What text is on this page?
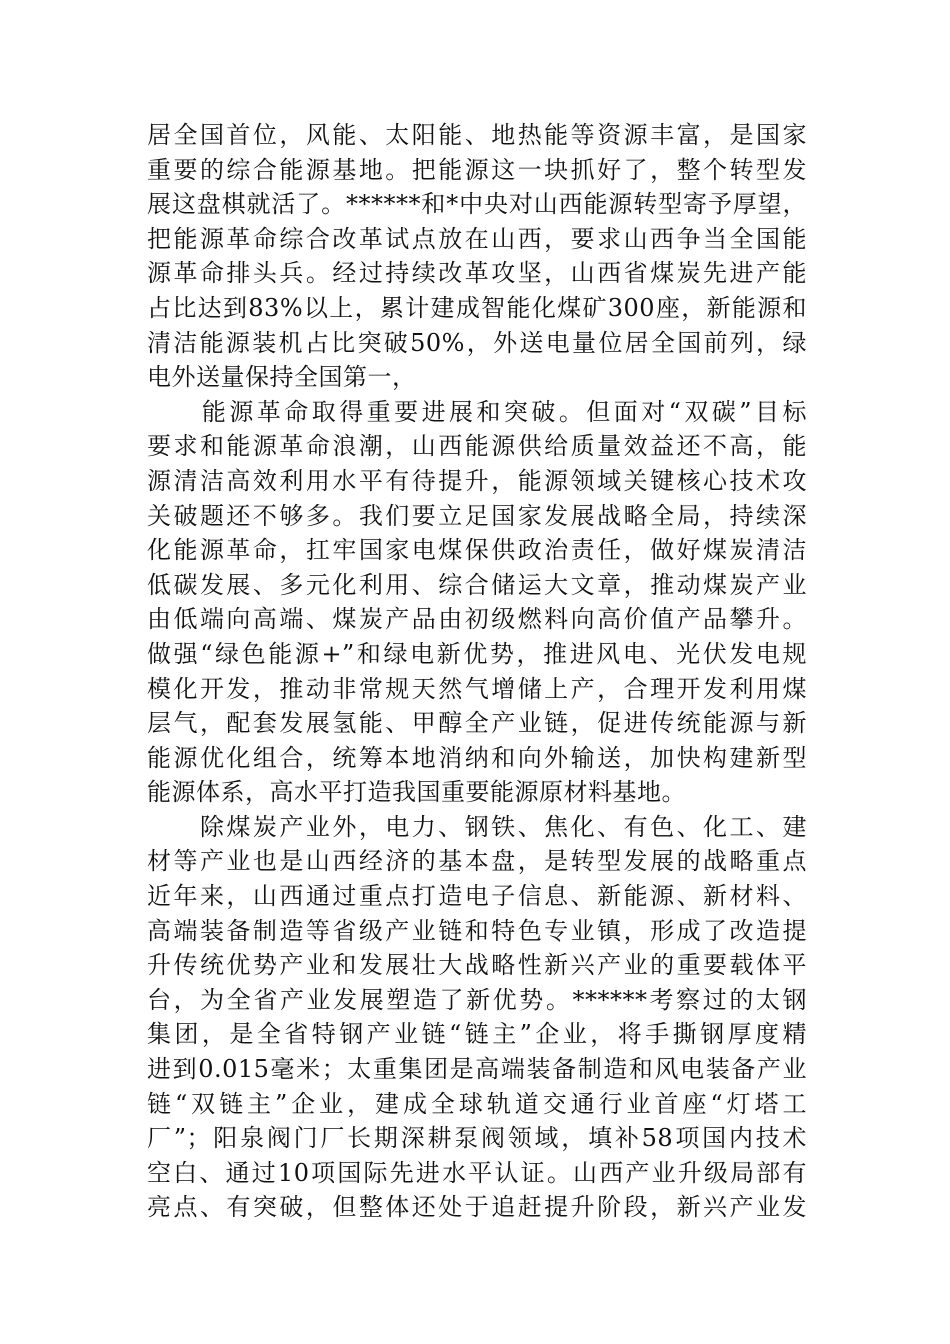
居全国首位，风能、太阳能、地热能等资源丰富，是国家
重要的综合能源基地。把能源这一块抓好了，整个转型发
展这盘棋就活了。******和*中央对山西能源转型寄予厚望，
把能源革命综合改革试点放在山西，要求山西争当全国能
源革命排头兵。经过持续改革攻坚，山西省煤炭先进产能
占比达到83%以上，累计建成智能化煤矿300座，新能源和
清洁能源装机占比突破50%，外送电量位居全国前列，绿
电外送量保持全国第一，
　　能源革命取得重要进展和突破。但面对“双碳”目标
要求和能源革命浪潮，山西能源供给质量效益还不高，能
源清洁高效利用水平有待提升，能源领域关键核心技术攻
关破题还不够多。我们要立足国家发展战略全局，持续深
化能源革命，扛牢国家电煤保供政治责任，做好煤炭清洁
低碳发展、多元化利用、综合储运大文章，推动煤炭产业
由低端向高端、煤炭产品由初级燃料向高价值产品攀升。
做强“绿色能源+”和绿电新优势，推进风电、光伏发电规
模化开发，推动非常规天然气增储上产，合理开发利用煤
层气，配套发展氢能、甲醇全产业链，促进传统能源与新
能源优化组合，统筹本地消纳和向外输送，加快构建新型
能源体系，高水平打造我国重要能源原材料基地。
　　除煤炭产业外，电力、钢铁、焦化、有色、化工、建
材等产业也是山西经济的基本盘，是转型发展的战略重点
近年来，山西通过重点打造电子信息、新能源、新材料、
高端装备制造等省级产业链和特色专业镇，形成了改造提
升传统优势产业和发展壮大战略性新兴产业的重要载体平
台，为全省产业发展塑造了新优势。******考察过的太钢
集团，是全省特钢产业链“链主”企业，将手撕钢厚度精
进到0.015毫米；太重集团是高端装备制造和风电装备产业
链“双链主”企业，建成全球轨道交通行业首座“灯塔工
厂”；阳泉阀门厂长期深耕泵阀领域，填补58项国内技术
空白、通过10项国际先进水平认证。山西产业升级局部有
亮点、有突破，但整体还处于追赶提升阶段，新兴产业发
